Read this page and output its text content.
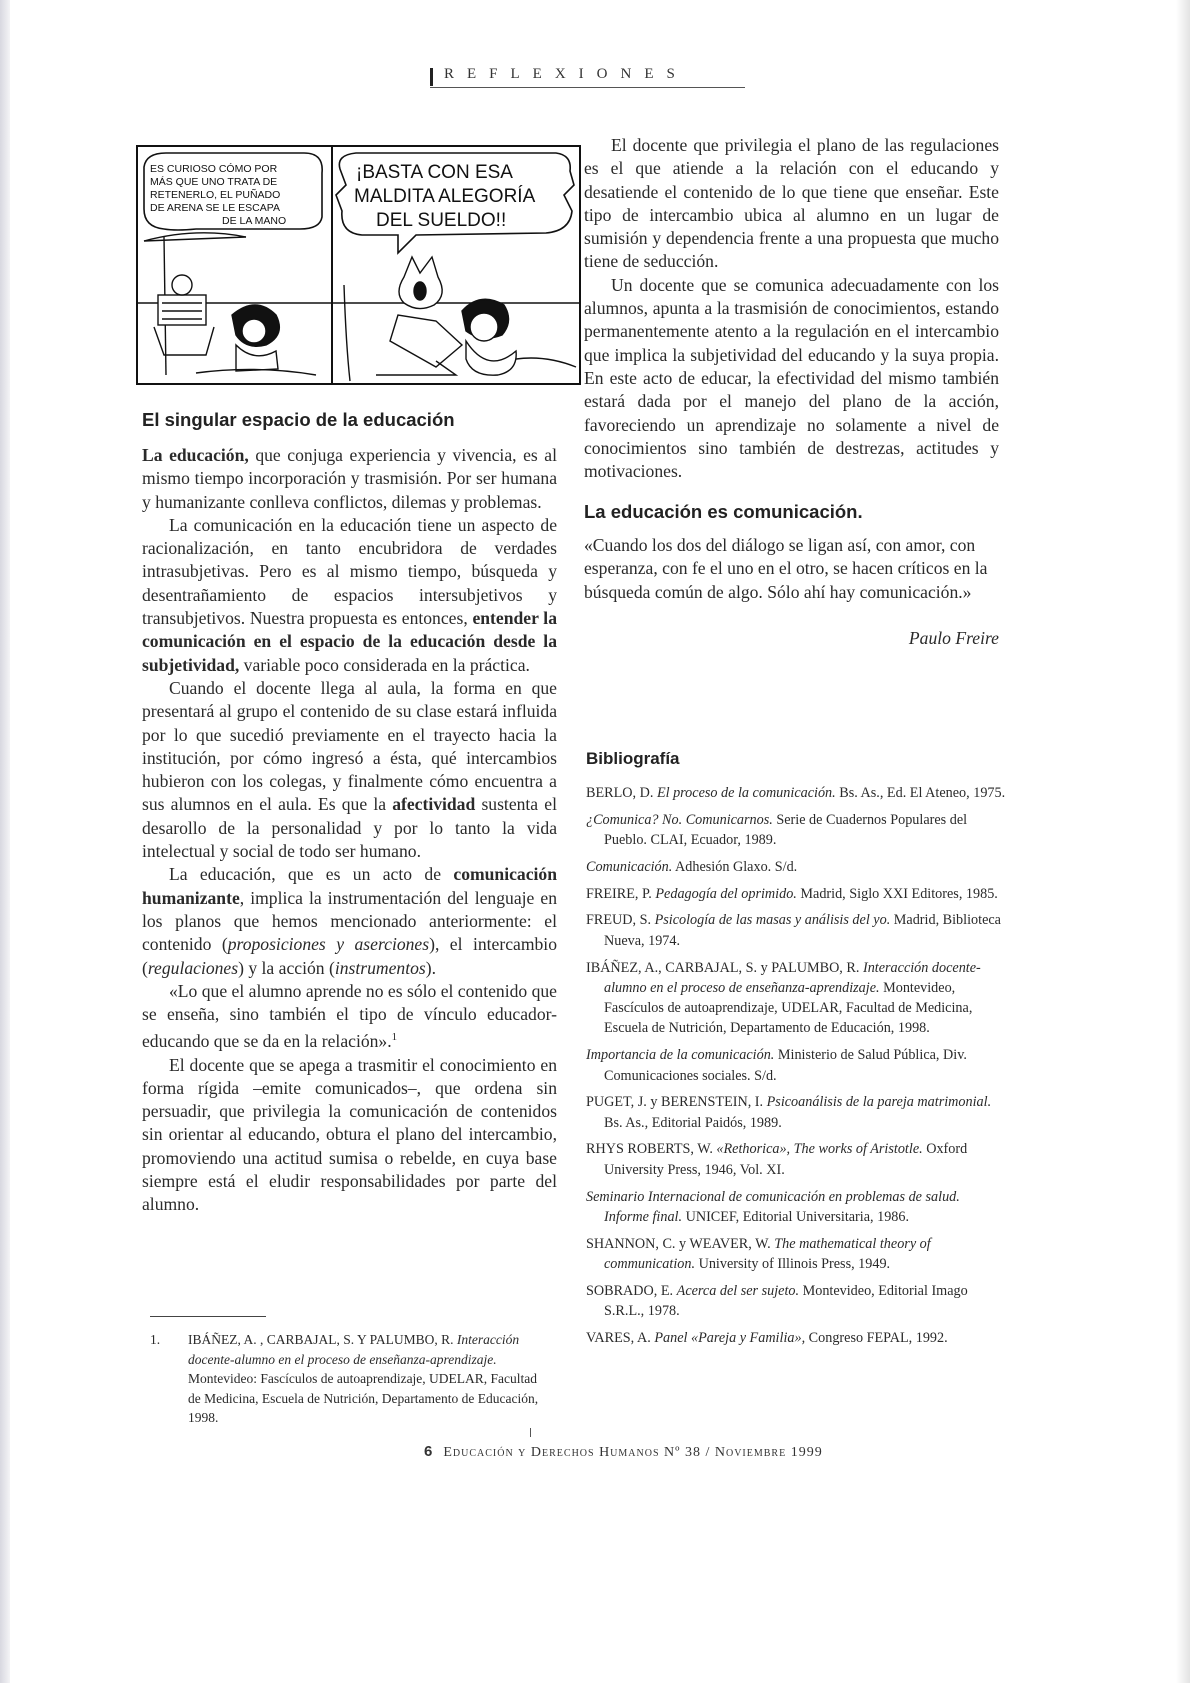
REFLEXIONES
ES CURIOSO CÓMO POR
MÁS QUE UNO TRATA DE
RETENERLO, EL PUÑADO
DE ARENA SE LE ESCAPA
DE LA MANO
¡BASTA CON ESA
MALDITA ALEGORÍA
DEL SUELDO!!
El singular espacio de la educación

La educación, que conjuga experiencia y vivencia, es al mismo tiempo incorporación y trasmisión. Por ser humana y humanizante conlleva conflictos, dilemas y problemas.

La comunicación en la educación tiene un aspecto de racionalización, en tanto encubridora de verdades intrasubjetivas. Pero es al mismo tiempo, búsqueda y desentrañamiento de espacios intersubjetivos y transubjetivos. Nuestra propuesta es entonces, entender la comunicación en el espacio de la educación desde la subjetividad, variable poco considerada en la práctica.

Cuando el docente llega al aula, la forma en que presentará al grupo el contenido de su clase estará influida por lo que sucedió previamente en el trayecto hacia la institución, por cómo ingresó a ésta, qué intercambios hubieron con los colegas, y finalmente cómo encuentra a sus alumnos en el aula. Es que la afectividad sustenta el desarollo de la personalidad y por lo tanto la vida intelectual y social de todo ser humano.

La educación, que es un acto de comunicación humanizante, implica la instrumentación del lenguaje en los planos que hemos mencionado anteriormente: el contenido (proposiciones y aserciones), el intercambio (regulaciones) y la acción (instrumentos).

«Lo que el alumno aprende no es sólo el contenido que se enseña, sino también el tipo de vínculo educador-educando que se da en la relación».$^1$

El docente que se apega a trasmitir el conocimiento en forma rígida –emite comunicados–, que ordena sin persuadir, que privilegia la comunicación de contenidos sin orientar al educando, obtura el plano del intercambio, promoviendo una actitud sumisa o rebelde, en cuya base siempre está el eludir responsabilidades por parte del alumno.

1. IBÁÑEZ, A. , CARBAJAL, S. Y PALUMBO, R. Interacción docente-alumno en el proceso de enseñanza-aprendizaje. Montevideo: Fascículos de autoaprendizaje, UDELAR, Facultad de Medicina, Escuela de Nutrición, Departamento de Educación, 1998.

El docente que privilegia el plano de las regulaciones es el que atiende a la relación con el educando y desatiende el contenido de lo que tiene que enseñar. Este tipo de intercambio ubica al alumno en un lugar de sumisión y dependencia frente a una propuesta que mucho tiene de seducción.

Un docente que se comunica adecuadamente con los alumnos, apunta a la trasmisión de conocimientos, estando permanentemente atento a la regulación en el intercambio que implica la subjetividad del educando y la suya propia. En este acto de educar, la efectividad del mismo también estará dada por el manejo del plano de la acción, favoreciendo un aprendizaje no solamente a nivel de conocimientos sino también de destrezas, actitudes y motivaciones.

La educación es comunicación.
«Cuando los dos del diálogo se ligan así, con amor, con esperanza, con fe el uno en el otro, se hacen críticos en la búsqueda común de algo. Sólo ahí hay comunicación.»
Paulo Freire
Bibliografía

BERLO, D. El proceso de la comunicación. Bs. As., Ed. El Ateneo, 1975.

¿Comunica? No. Comunicarnos. Serie de Cuadernos Populares del Pueblo. CLAI, Ecuador, 1989.

Comunicación. Adhesión Glaxo. S/d.

FREIRE, P. Pedagogía del oprimido. Madrid, Siglo XXI Editores, 1985.

FREUD, S. Psicología de las masas y análisis del yo. Madrid, Biblioteca Nueva, 1974.

IBÁÑEZ, A., CARBAJAL, S. y PALUMBO, R. Interacción docente-alumno en el proceso de enseñanza-aprendizaje. Montevideo, Fascículos de autoaprendizaje, UDELAR, Facultad de Medicina, Escuela de Nutrición, Departamento de Educación, 1998.

Importancia de la comunicación. Ministerio de Salud Pública, Div. Comunicaciones sociales. S/d.

PUGET, J. y BERENSTEIN, I. Psicoanálisis de la pareja matrimonial. Bs. As., Editorial Paidós, 1989.

RHYS ROBERTS, W. «Rethorica», The works of Aristotle. Oxford University Press, 1946, Vol. XI.

Seminario Internacional de comunicación en problemas de salud. Informe final. UNICEF, Editorial Universitaria, 1986.

SHANNON, C. y WEAVER, W. The mathematical theory of communication. University of Illinois Press, 1949.

SOBRADO, E. Acerca del ser sujeto. Montevideo, Editorial Imago S.R.L., 1978.

VARES, A. Panel «Pareja y Familia», Congreso FEPAL, 1992.

6 Educación y Derechos Humanos Nº 38 / Noviembre 1999
